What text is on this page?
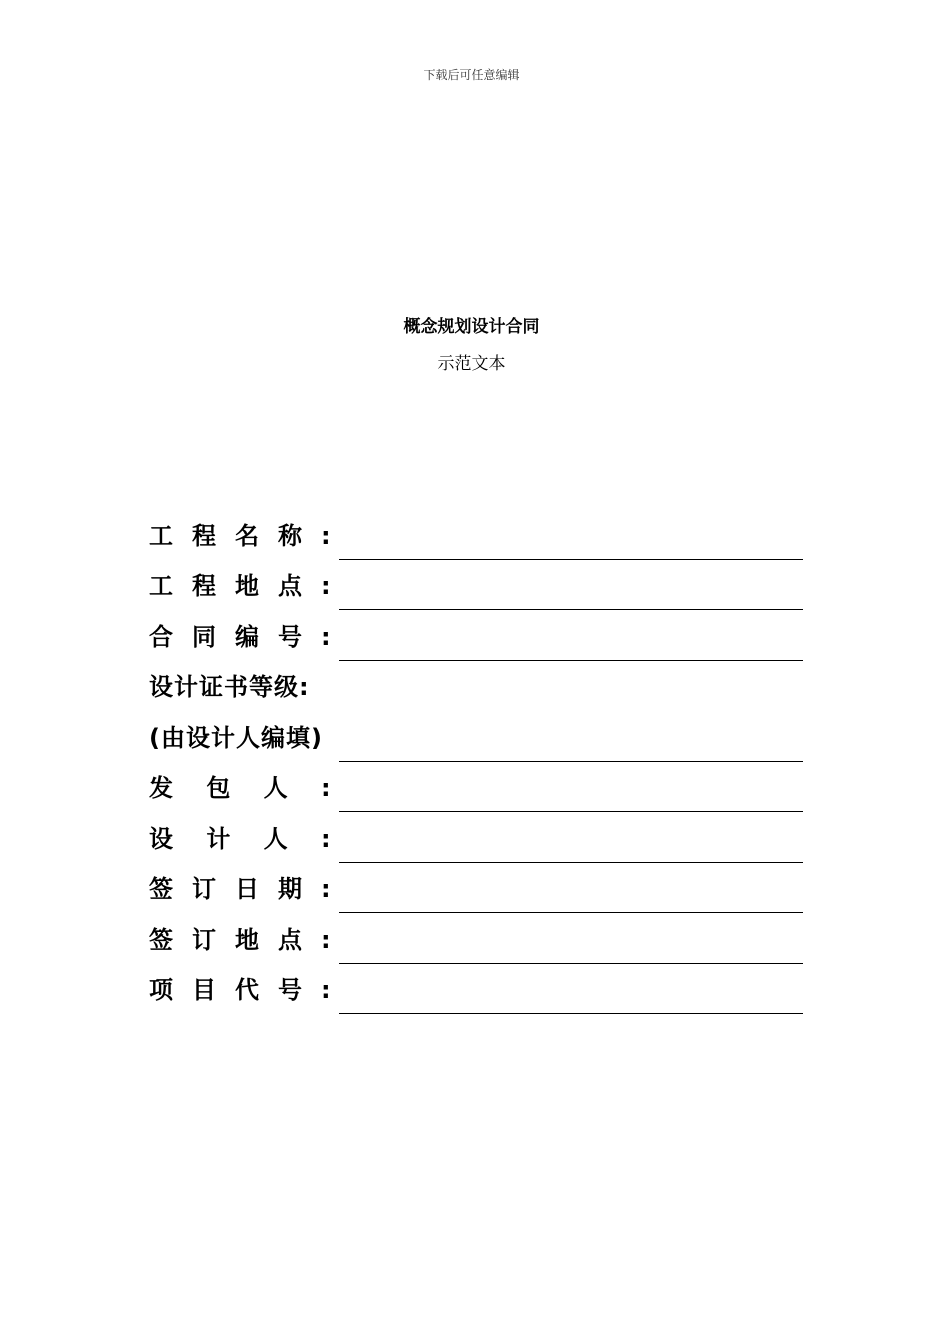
下载后可任意编辑
概念规划设计合同
示范文本
工 程 名 称 :
工 程 地 点 :
合 同 编 号 :
设计证书等级:
(由设计人编填)
发 包 人 :
设 计 人 :
签 订 日 期 :
签 订 地 点 :
项 目 代 号 :
